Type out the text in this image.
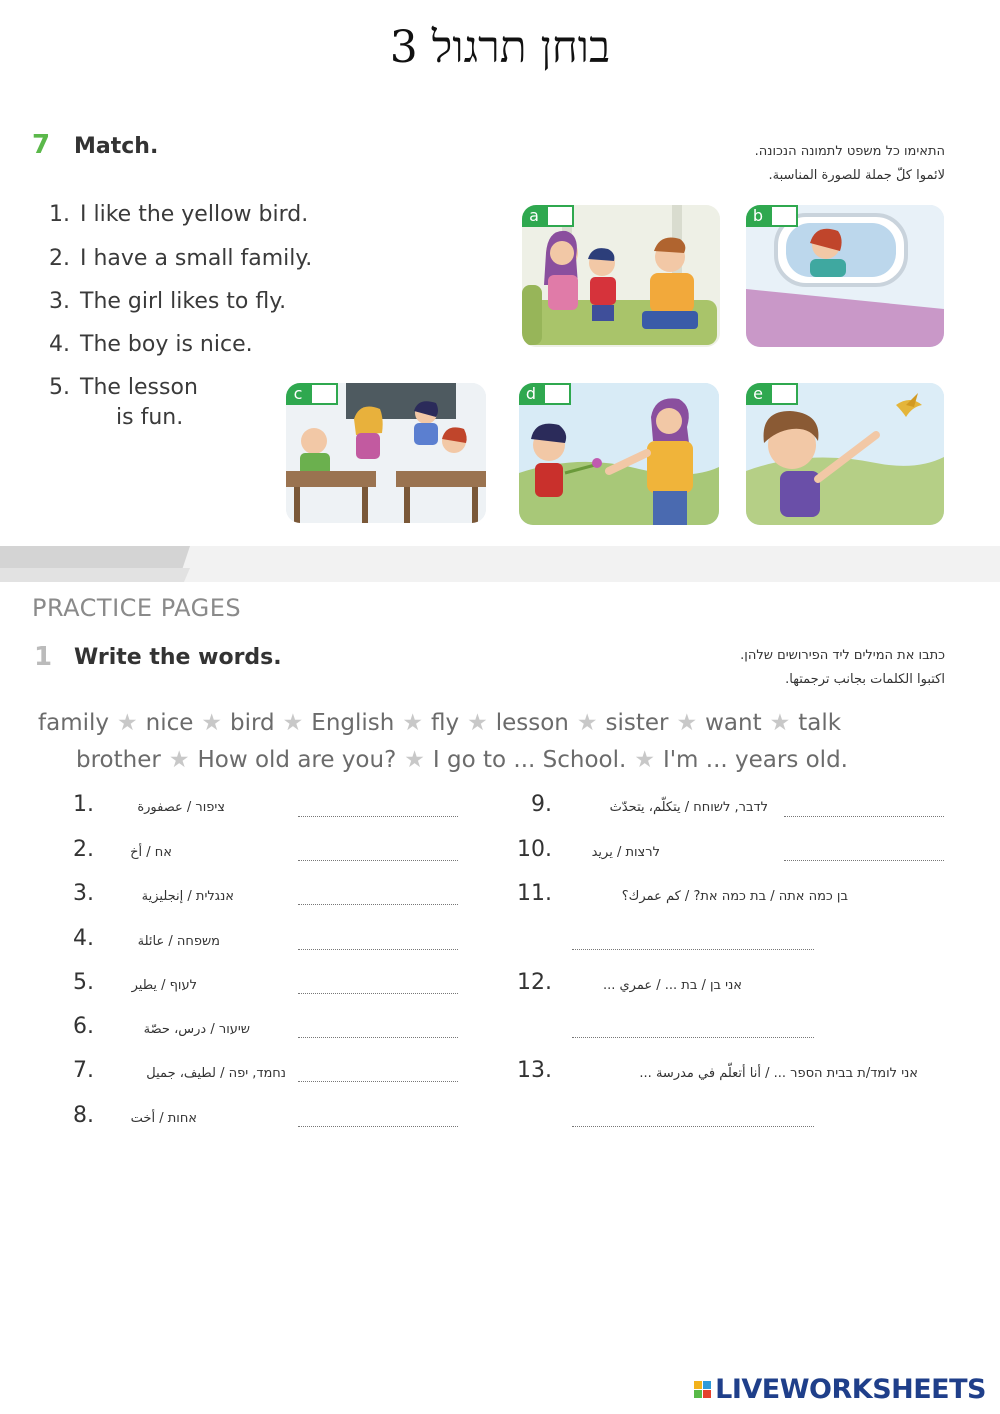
בוחן תרגול 3
7 Match.	התאימו כל משפט לתמונה הנכונה.
لائموا كلّ جملة للصورة المناسبة.
1. I like the yellow bird.
2. I have a small family.
3. The girl likes to fly.
4. The boy is nice.
5. The lesson
is fun.
a	b
c	d	e
PRACTICE PAGES
1 Write the words.	כתבו את המילים ליד הפירושים שלהן.
اكتبوا الكلمات بجانب ترجمتها.
family ★ nice ★ bird ★ English ★ fly ★ lesson ★ sister ★ want ★ talk
brother ★ How old are you? ★ I go to ... School. ★ I'm ... years old.
1.	ציפור / عصفورة
2.	אח / أخ
3.	אנגלית / إنجليزية
4.	משפחה / عائلة
5.	לעוף / يطير
6.	שיעור / درس، حصّة
7.	נחמד, יפה / لطيف، جميل
8.	אחות / أخت
9.	לדבר, לשוחח / يتكلّم، يتحدّث
10.	לרצות / يريد
11.	בן כמה אתה / בת כמה את? / كم عمرك؟
12.	אני בן / בת ... / عمري ...
13.	אני לומד/ת בבית הספר ... / أنا أتعلّم في مدرسة ...
LIVEWORKSHEETS
